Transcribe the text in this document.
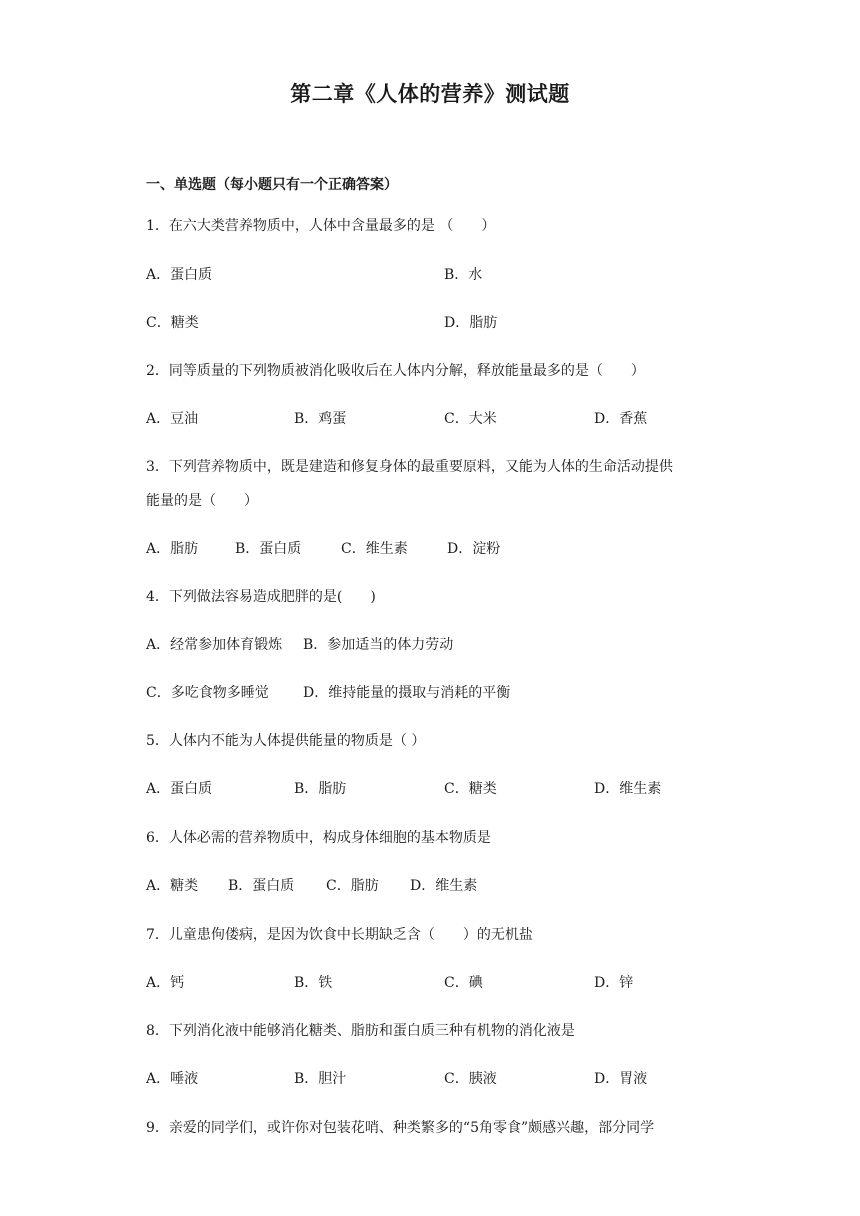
第二章《人体的营养》测试题
一、单选题（每小题只有一个正确答案）
1．在六大类营养物质中，人体中含量最多的是 （　　）
A．蛋白质	B．水
C．糖类	D．脂肪
2．同等质量的下列物质被消化吸收后在人体内分解，释放能量最多的是（　　）
A．豆油	B．鸡蛋	C．大米	D．香蕉
3．下列营养物质中，既是建造和修复身体的最重要原料，又能为人体的生命活动提供
能量的是（　　）
A．脂肪	B．蛋白质	C．维生素	D．淀粉
4．下列做法容易造成肥胖的是(　　)
A．经常参加体育锻炼 B．参加适当的体力劳动
C．多吃食物多睡觉 D．维持能量的摄取与消耗的平衡
5．人体内不能为人体提供能量的物质是（ ）
A．蛋白质	B．脂肪	C．糖类	D．维生素
6．人体必需的营养物质中，构成身体细胞的基本物质是
A．糖类 B．蛋白质 C．脂肪 D．维生素
7．儿童患佝偻病，是因为饮食中长期缺乏含（　　）的无机盐
A．钙	B．铁	C．碘	D．锌
8．下列消化液中能够消化糖类、脂肪和蛋白质三种有机物的消化液是
A．唾液	B．胆汁	C．胰液	D．胃液
9．亲爱的同学们，或许你对包装花哨、种类繁多的“5角零食”颇感兴趣，部分同学
